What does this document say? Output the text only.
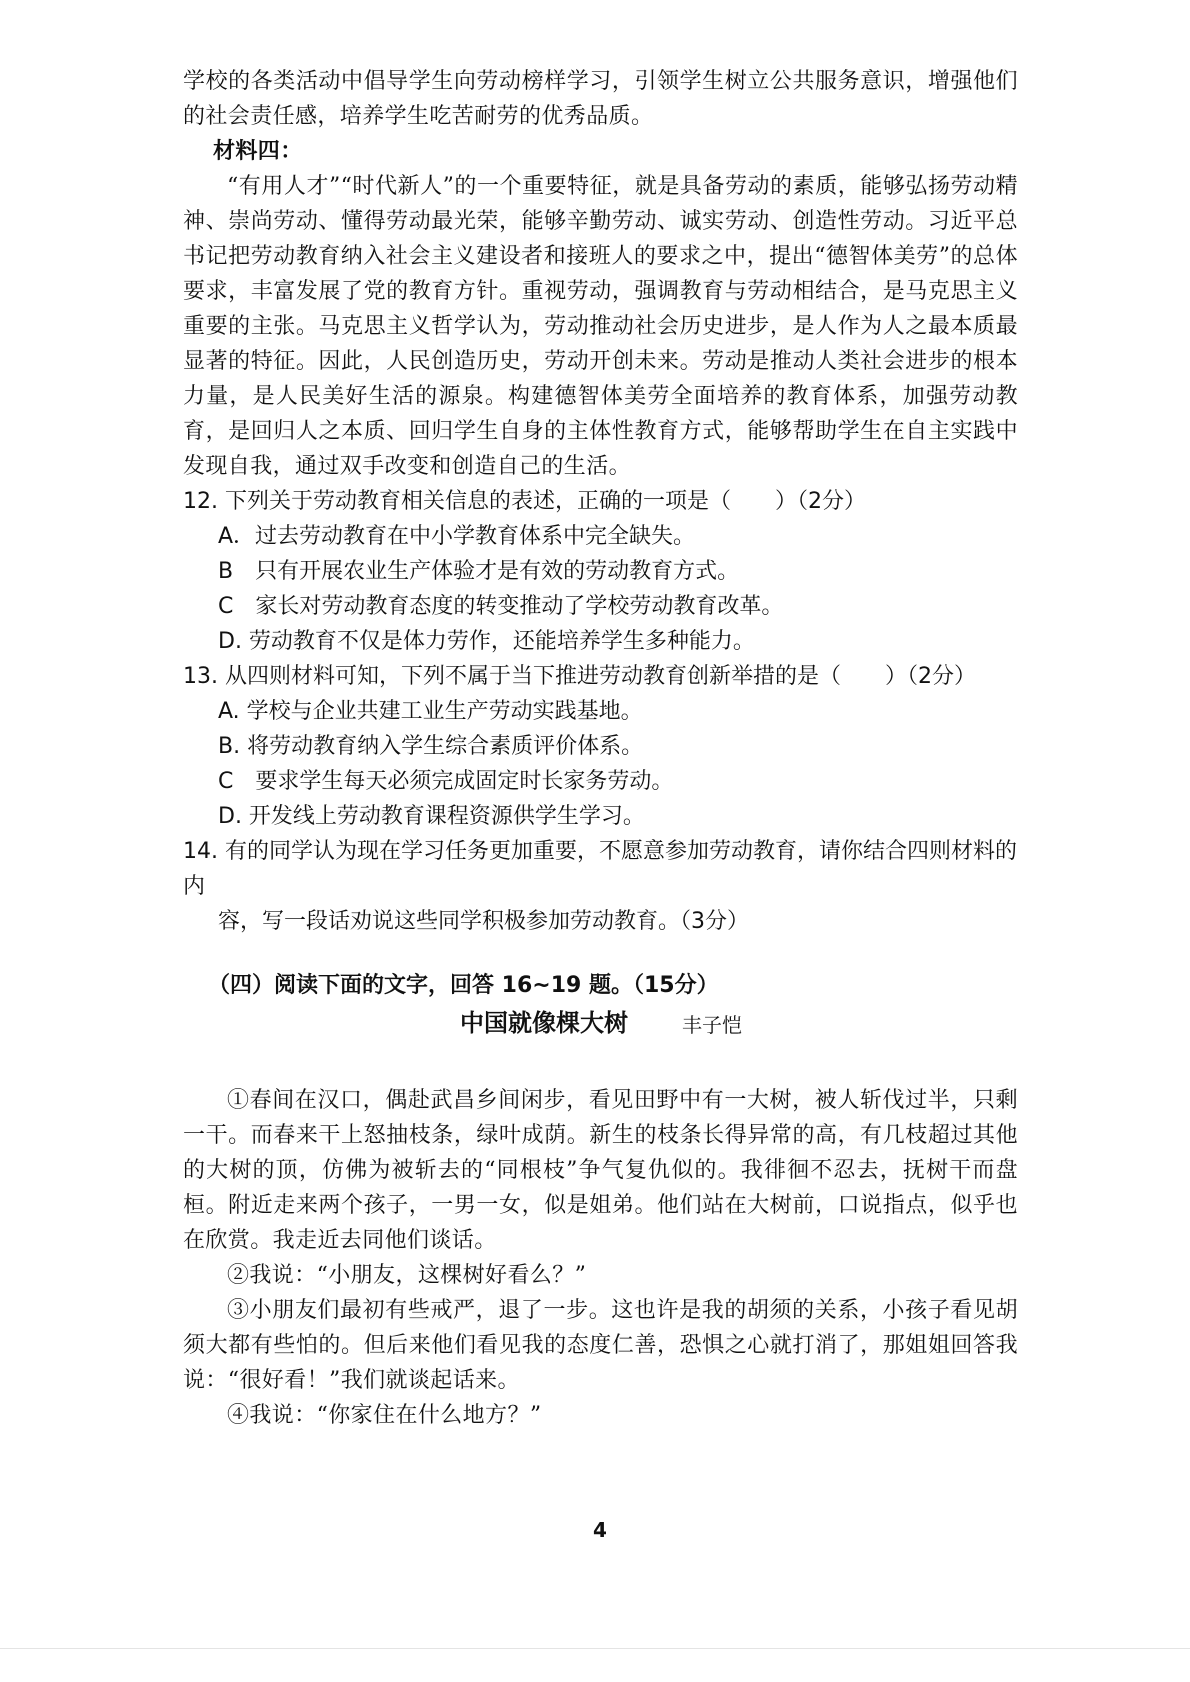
学校的各类活动中倡导学生向劳动榜样学习，引领学生树立公共服务意识，增强他们的社会责任感，培养学生吃苦耐劳的优秀品质。

材料四：

“有用人才”“时代新人”的一个重要特征，就是具备劳动的素质，能够弘扬劳动精神、崇尚劳动、懂得劳动最光荣，能够辛勤劳动、诚实劳动、创造性劳动。习近平总书记把劳动教育纳入社会主义建设者和接班人的要求之中，提出“德智体美劳”的总体要求，丰富发展了党的教育方针。重视劳动，强调教育与劳动相结合，是马克思主义重要的主张。马克思主义哲学认为，劳动推动社会历史进步，是人作为人之最本质最显著的特征。因此，人民创造历史，劳动开创未来。劳动是推动人类社会进步的根本力量，是人民美好生活的源泉。构建德智体美劳全面培养的教育体系，加强劳动教育，是回归人之本质、回归学生自身的主体性教育方式，能够帮助学生在自主实践中发现自我，通过双手改变和创造自己的生活。

12. 下列关于劳动教育相关信息的表述，正确的一项是（　　）（2分）

A．过去劳动教育在中小学教育体系中完全缺失。

B　只有开展农业生产体验才是有效的劳动教育方式。

C　家长对劳动教育态度的转变推动了学校劳动教育改革。

D. 劳动教育不仅是体力劳作，还能培养学生多种能力。

13. 从四则材料可知，下列不属于当下推进劳动教育创新举措的是（　　）（2分）

A. 学校与企业共建工业生产劳动实践基地。

B. 将劳动教育纳入学生综合素质评价体系。

C　要求学生每天必须完成固定时长家务劳动。

D. 开发线上劳动教育课程资源供学生学习。

14. 有的同学认为现在学习任务更加重要，不愿意参加劳动教育，请你结合四则材料的内

容，写一段话劝说这些同学积极参加劳动教育。（3分）

（四）阅读下面的文字，回答 16~19 题。（15分）
中国就像棵大树	丰子恺

①春间在汉口，偶赴武昌乡间闲步，看见田野中有一大树，被人斩伐过半，只剩一干。而春来干上怒抽枝条，绿叶成荫。新生的枝条长得异常的高，有几枝超过其他的大树的顶，仿佛为被斩去的“同根枝”争气复仇似的。我徘徊不忍去，抚树干而盘桓。附近走来两个孩子，一男一女，似是姐弟。他们站在大树前，口说指点，似乎也在欣赏。我走近去同他们谈话。

②我说：“小朋友，这棵树好看么？”

③小朋友们最初有些戒严，退了一步。这也许是我的胡须的关系，小孩子看见胡须大都有些怕的。但后来他们看见我的态度仁善，恐惧之心就打消了，那姐姐回答我说：“很好看！”我们就谈起话来。

④我说：“你家住在什么地方？”

4
